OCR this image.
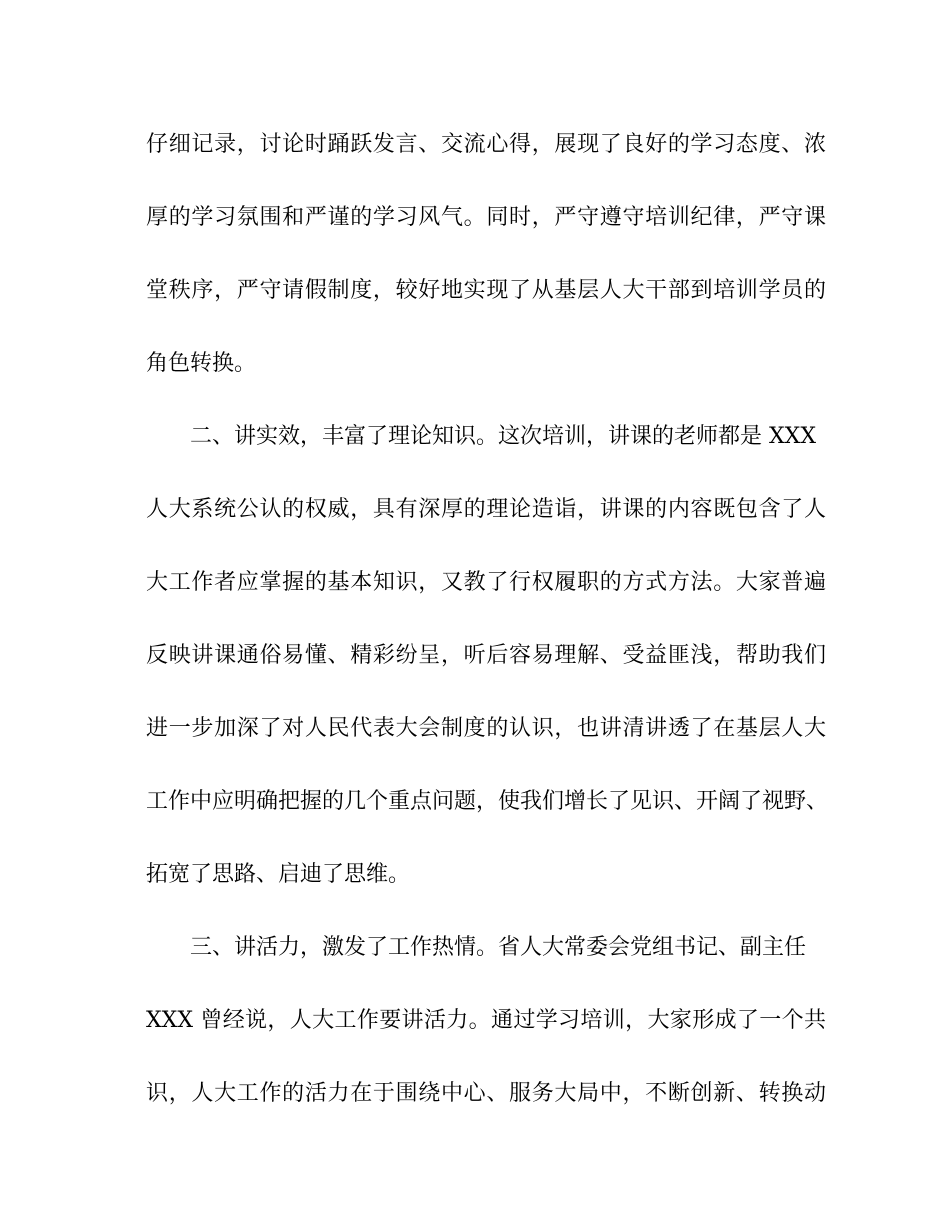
仔细记录，讨论时踊跃发言、交流心得，展现了良好的学习态度、浓
厚的学习氛围和严谨的学习风气。同时，严守遵守培训纪律，严守课
堂秩序，严守请假制度，较好地实现了从基层人大干部到培训学员的
角色转换。
二、讲实效，丰富了理论知识。这次培训，讲课的老师都是 XXX
人大系统公认的权威，具有深厚的理论造诣，讲课的内容既包含了人
大工作者应掌握的基本知识，又教了行权履职的方式方法。大家普遍
反映讲课通俗易懂、精彩纷呈，听后容易理解、受益匪浅，帮助我们
进一步加深了对人民代表大会制度的认识，也讲清讲透了在基层人大
工作中应明确把握的几个重点问题，使我们增长了见识、开阔了视野、
拓宽了思路、启迪了思维。
三、讲活力，激发了工作热情。省人大常委会党组书记、副主任
XXX 曾经说，人大工作要讲活力。通过学习培训，大家形成了一个共
识，人大工作的活力在于围绕中心、服务大局中，不断创新、转换动
